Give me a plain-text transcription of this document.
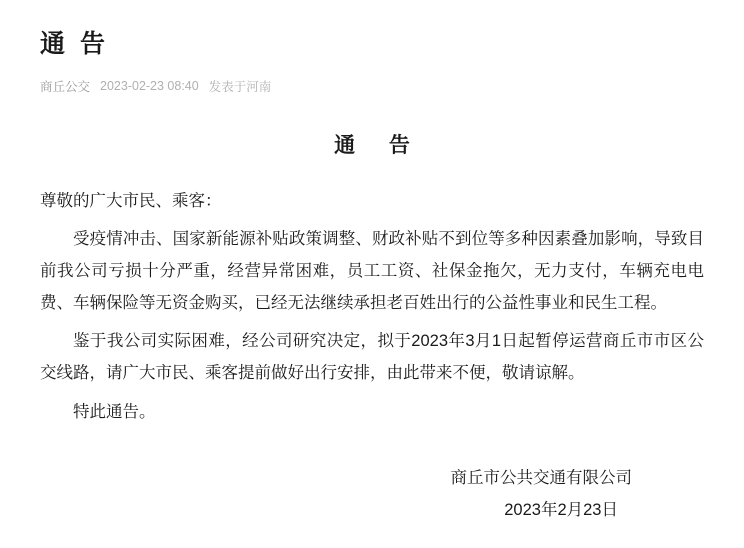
通 告
商丘公交 2023-02-23 08:40 发表于河南
通 告

尊敬的广大市民、乘客：

受疫情冲击、国家新能源补贴政策调整、财政补贴不到位等多种因素叠加影响，导致目前我公司亏损十分严重，经营异常困难，员工工资、社保金拖欠，无力支付，车辆充电电费、车辆保险等无资金购买，已经无法继续承担老百姓出行的公益性事业和民生工程。

鉴于我公司实际困难，经公司研究决定，拟于2023年3月1日起暂停运营商丘市市区公交线路，请广大市民、乘客提前做好出行安排，由此带来不便，敬请谅解。

特此通告。

商丘市公共交通有限公司
2023年2月23日
